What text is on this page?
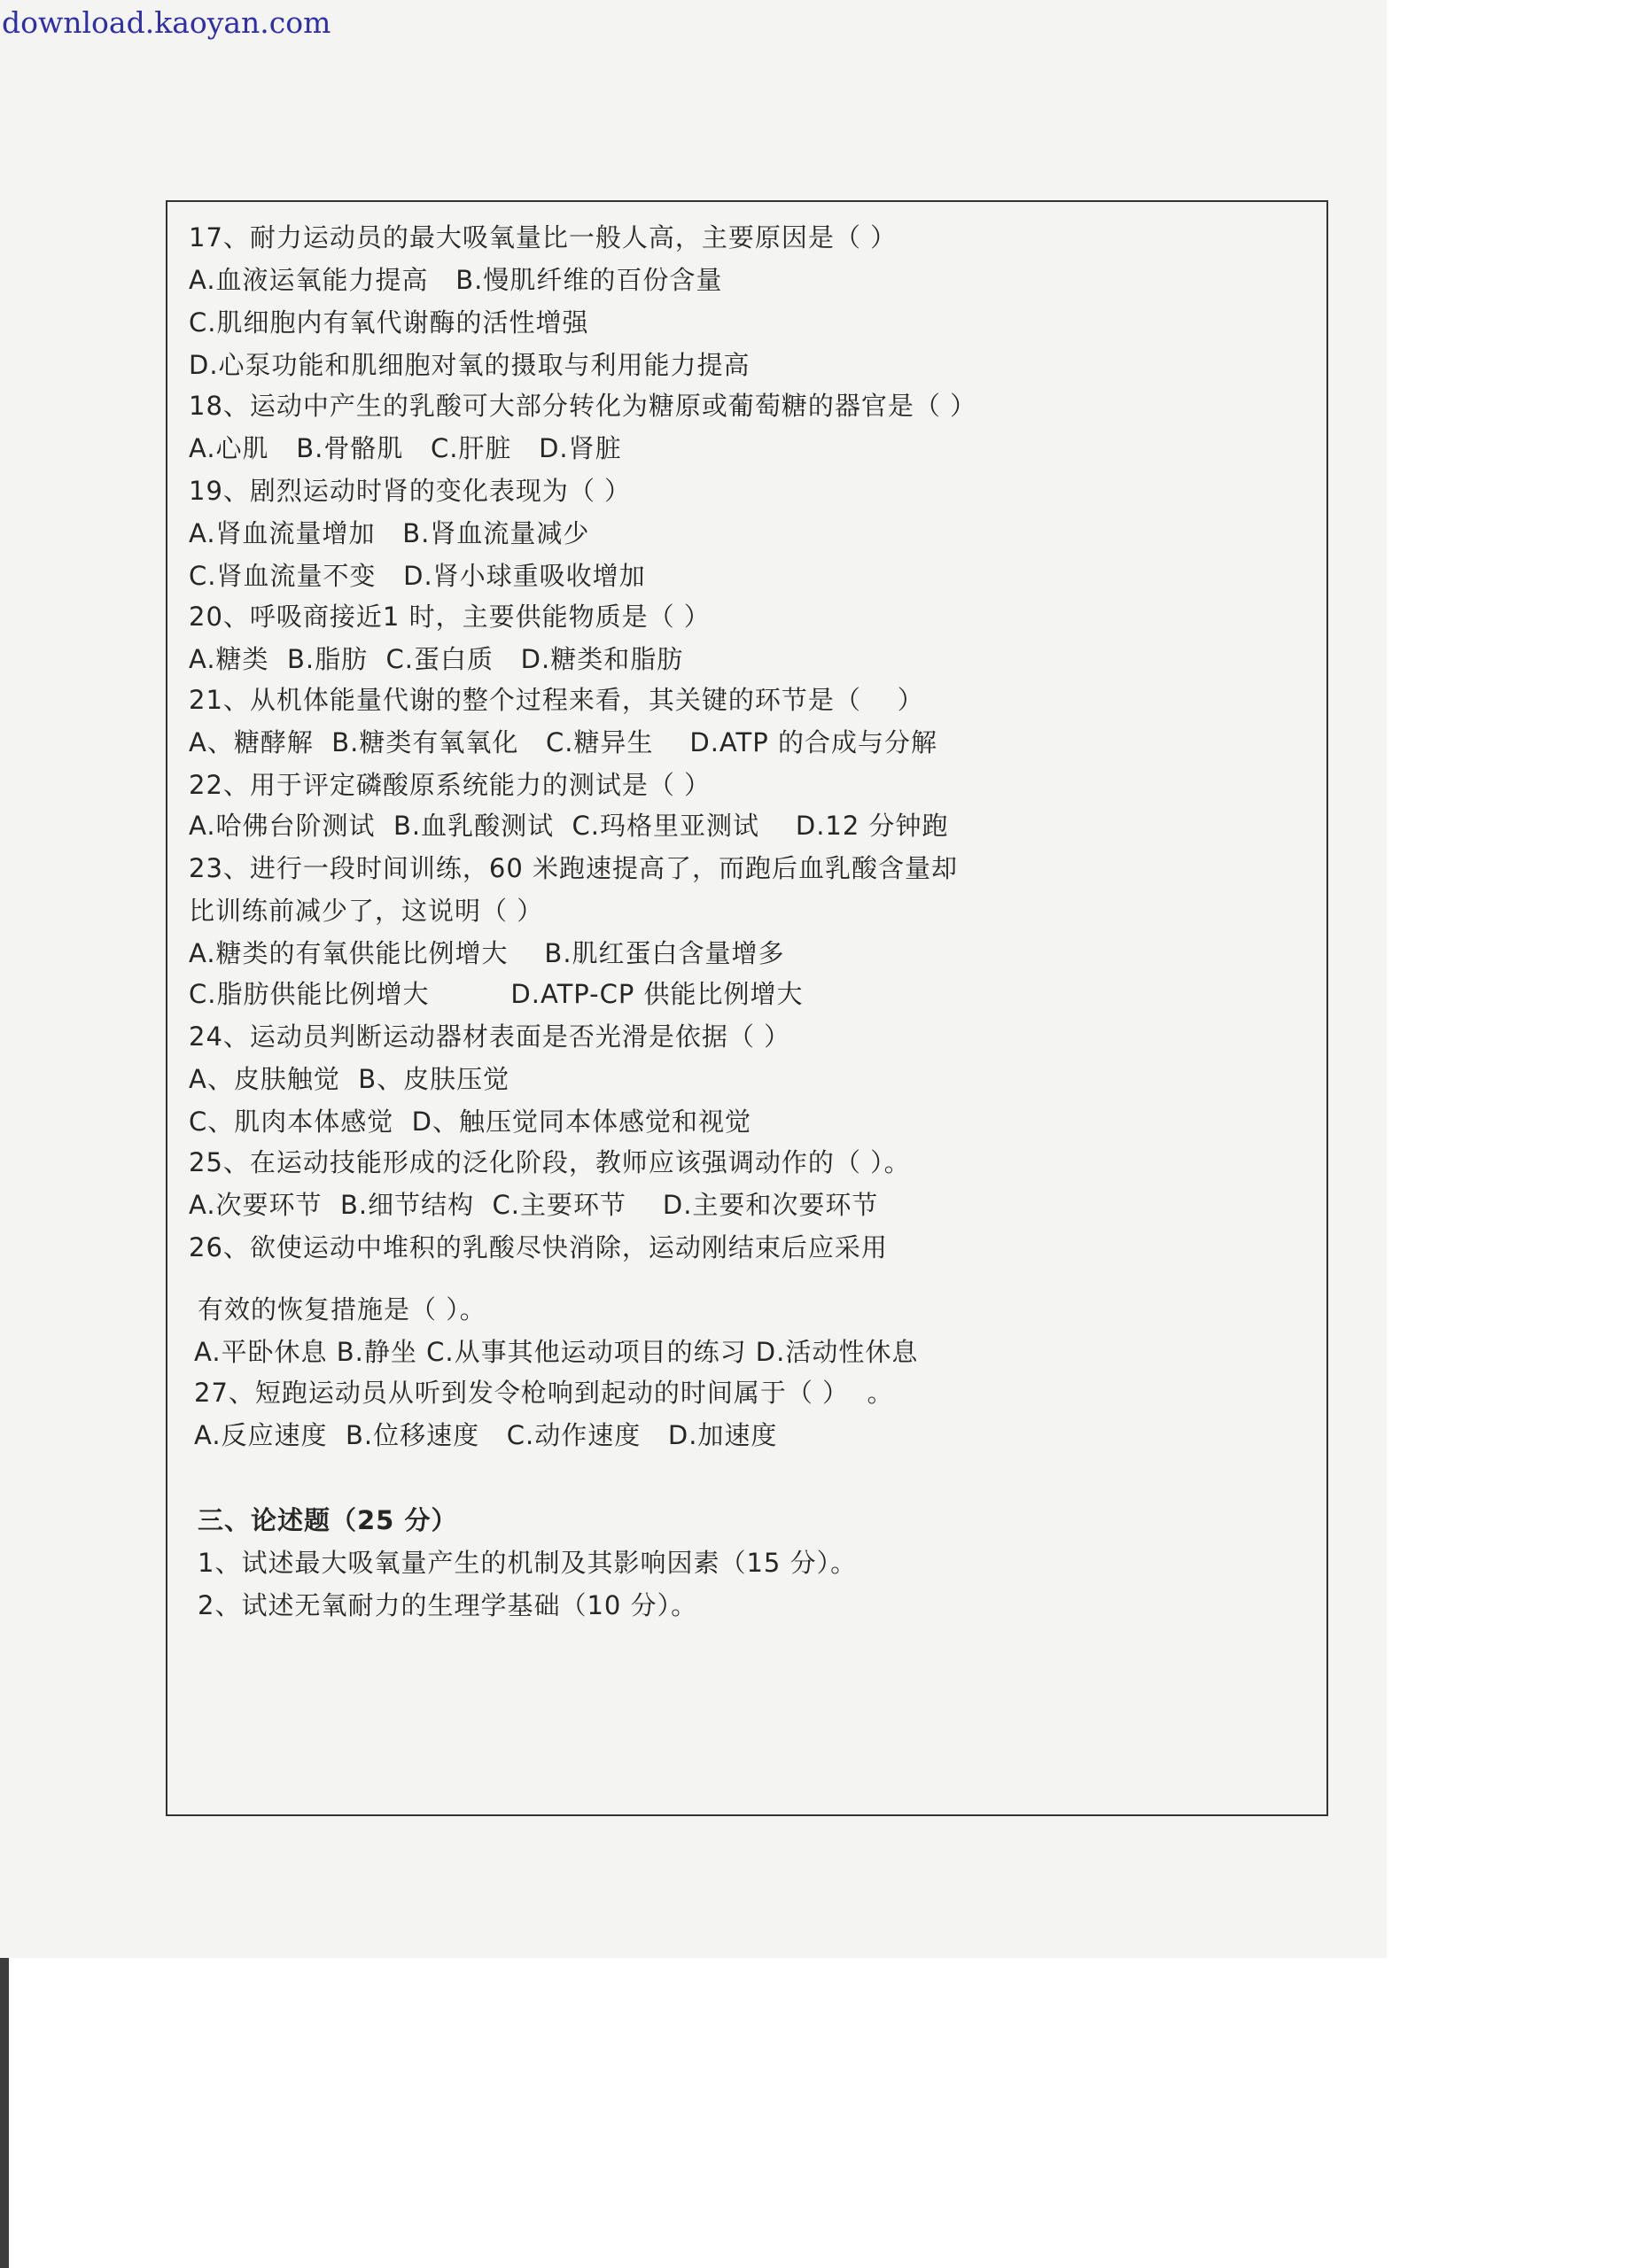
download.kaoyan.com
17、耐力运动员的最大吸氧量比一般人高，主要原因是（ ）
A.血液运氧能力提高   B.慢肌纤维的百份含量
C.肌细胞内有氧代谢酶的活性增强
D.心泵功能和肌细胞对氧的摄取与利用能力提高
18、运动中产生的乳酸可大部分转化为糖原或葡萄糖的器官是（ ）
A.心肌   B.骨骼肌   C.肝脏   D.肾脏
19、剧烈运动时肾的变化表现为（ ）
A.肾血流量增加   B.肾血流量减少
C.肾血流量不变   D.肾小球重吸收增加
20、呼吸商接近1 时，主要供能物质是（ ）
A.糖类  B.脂肪  C.蛋白质   D.糖类和脂肪
21、从机体能量代谢的整个过程来看，其关键的环节是（    ）
A、糖酵解  B.糖类有氧氧化   C.糖异生    D.ATP 的合成与分解
22、用于评定磷酸原系统能力的测试是（ ）
A.哈佛台阶测试  B.血乳酸测试  C.玛格里亚测试    D.12 分钟跑
23、进行一段时间训练，60 米跑速提高了，而跑后血乳酸含量却
比训练前减少了，这说明（ ）
A.糖类的有氧供能比例增大    B.肌红蛋白含量增多
C.脂肪供能比例增大         D.ATP-CP 供能比例增大
24、运动员判断运动器材表面是否光滑是依据（ ）
A、皮肤触觉  B、皮肤压觉
C、肌肉本体感觉  D、触压觉同本体感觉和视觉
25、在运动技能形成的泛化阶段，教师应该强调动作的（ ）。
A.次要环节  B.细节结构  C.主要环节    D.主要和次要环节
26、欲使运动中堆积的乳酸尽快消除，运动刚结束后应采用
有效的恢复措施是（ ）。
A.平卧休息 B.静坐 C.从事其他运动项目的练习 D.活动性休息
27、短跑运动员从听到发令枪响到起动的时间属于（ ）  。
A.反应速度  B.位移速度   C.动作速度   D.加速度
三、论述题（25 分）
1、试述最大吸氧量产生的机制及其影响因素（15 分）。
2、试述无氧耐力的生理学基础（10 分）。
